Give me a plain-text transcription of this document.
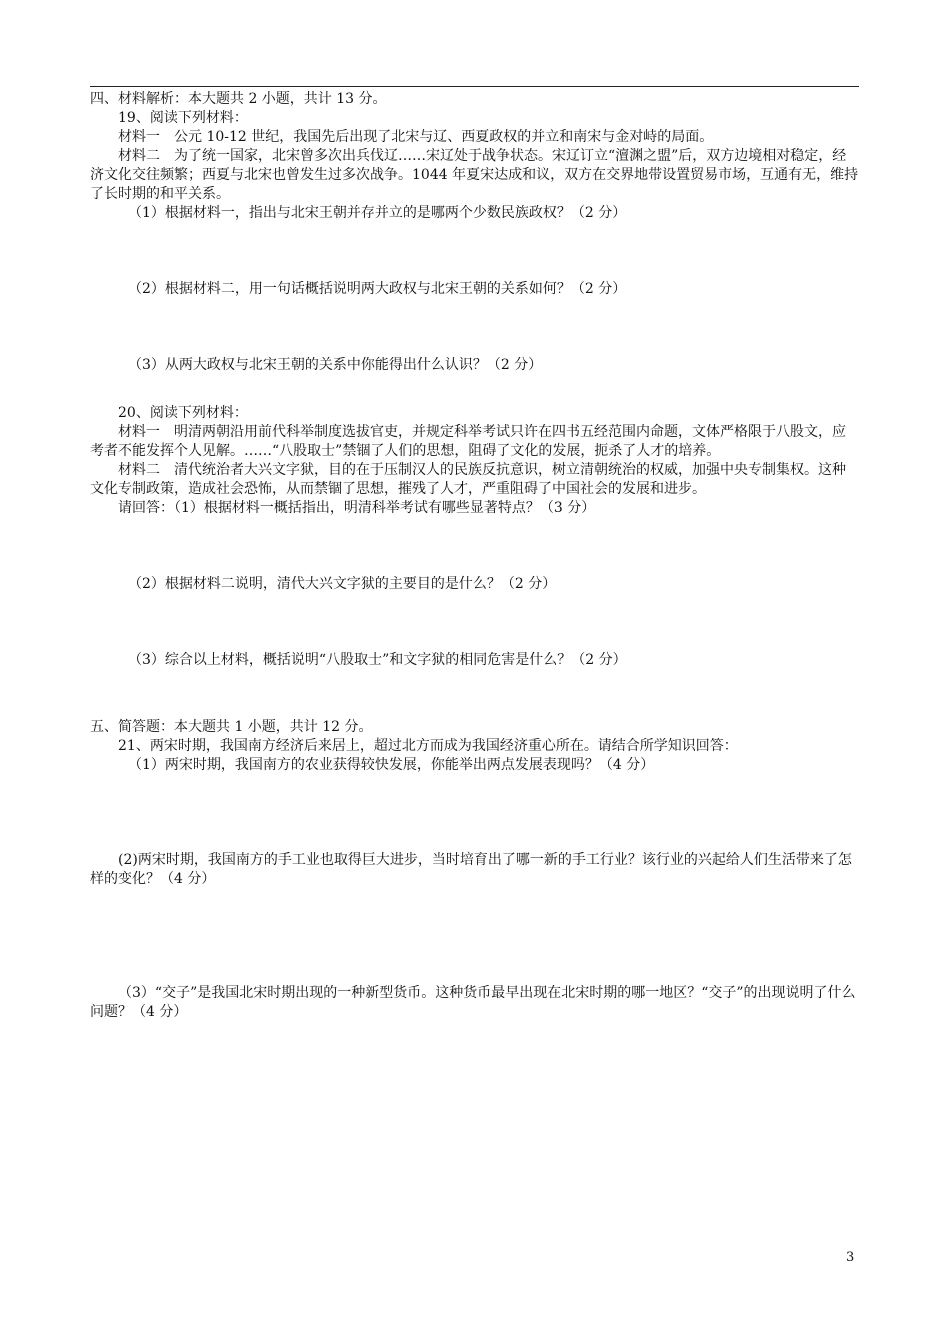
四、材料解析：本大题共 2 小题，共计 13 分。

19、阅读下列材料：

材料一　公元 10-12 世纪，我国先后出现了北宋与辽、西夏政权的并立和南宋与金对峙的局面。

材料二　为了统一国家，北宋曾多次出兵伐辽……宋辽处于战争状态。宋辽订立“澶渊之盟”后，双方边境相对稳定，经济文化交往频繁；西夏与北宋也曾发生过多次战争。1044 年夏宋达成和议，双方在交界地带设置贸易市场，互通有无，维持了长时期的和平关系。

（1）根据材料一，指出与北宋王朝并存并立的是哪两个少数民族政权？（2 分）

（2）根据材料二，用一句话概括说明两大政权与北宋王朝的关系如何？（2 分）

（3）从两大政权与北宋王朝的关系中你能得出什么认识？（2 分）

20、阅读下列材料：

材料一　明清两朝沿用前代科举制度选拔官吏，并规定科举考试只许在四书五经范围内命题，文体严格限于八股文，应考者不能发挥个人见解。……“八股取士”禁锢了人们的思想，阻碍了文化的发展，扼杀了人才的培养。

材料二　清代统治者大兴文字狱，目的在于压制汉人的民族反抗意识，树立清朝统治的权威，加强中央专制集权。这种文化专制政策，造成社会恐怖，从而禁锢了思想，摧残了人才，严重阻碍了中国社会的发展和进步。

请回答：（1）根据材料一概括指出，明清科举考试有哪些显著特点？（3 分）

（2）根据材料二说明，清代大兴文字狱的主要目的是什么？（2 分）

（3）综合以上材料，概括说明“八股取士”和文字狱的相同危害是什么？（2 分）

五、简答题：本大题共 1 小题，共计 12 分。

21、两宋时期，我国南方经济后来居上，超过北方而成为我国经济重心所在。请结合所学知识回答：

（1）两宋时期，我国南方的农业获得较快发展，你能举出两点发展表现吗？（4 分）

(2)两宋时期，我国南方的手工业也取得巨大进步，当时培育出了哪一新的手工行业？该行业的兴起给人们生活带来了怎样的变化？（4 分）

（3）“交子”是我国北宋时期出现的一种新型货币。这种货币最早出现在北宋时期的哪一地区？“交子”的出现说明了什么问题？（4 分）

3
